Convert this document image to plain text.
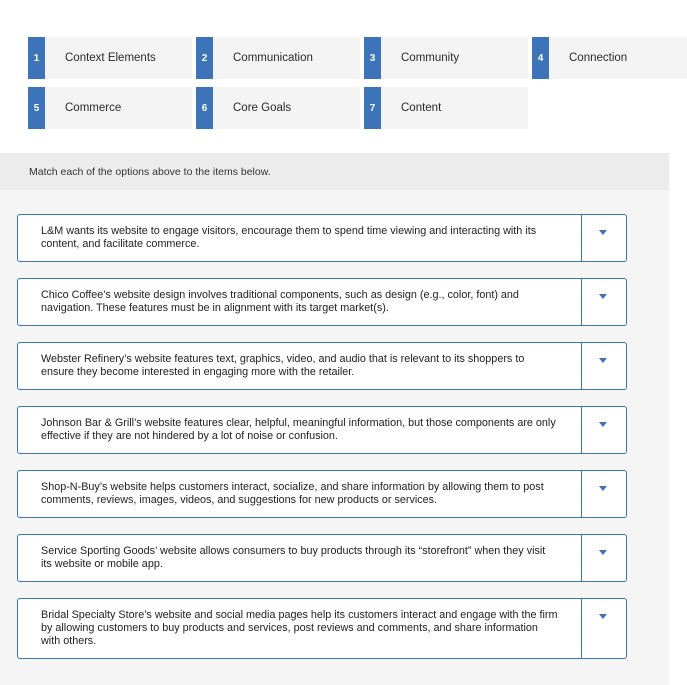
1	Context Elements	2	Communication	3	Community	4	Connection
5	Commerce	6	Core Goals	7	Content
Match each of the options above to the items below.
L&M wants its website to engage visitors, encourage them to spend time viewing and interacting with its content, and facilitate commerce.
Chico Coffee’s website design involves traditional components, such as design (e.g., color, font) and navigation. These features must be in alignment with its target market(s).
Webster Refinery’s website features text, graphics, video, and audio that is relevant to its shoppers to ensure they become interested in engaging more with the retailer.
Johnson Bar & Grill’s website features clear, helpful, meaningful information, but those components are only effective if they are not hindered by a lot of noise or confusion.
Shop-N-Buy’s website helps customers interact, socialize, and share information by allowing them to post comments, reviews, images, videos, and suggestions for new products or services.
Service Sporting Goods’ website allows consumers to buy products through its “storefront” when they visit its website or mobile app.
Bridal Specialty Store’s website and social media pages help its customers interact and engage with the firm by allowing customers to buy products and services, post reviews and comments, and share information with others.
